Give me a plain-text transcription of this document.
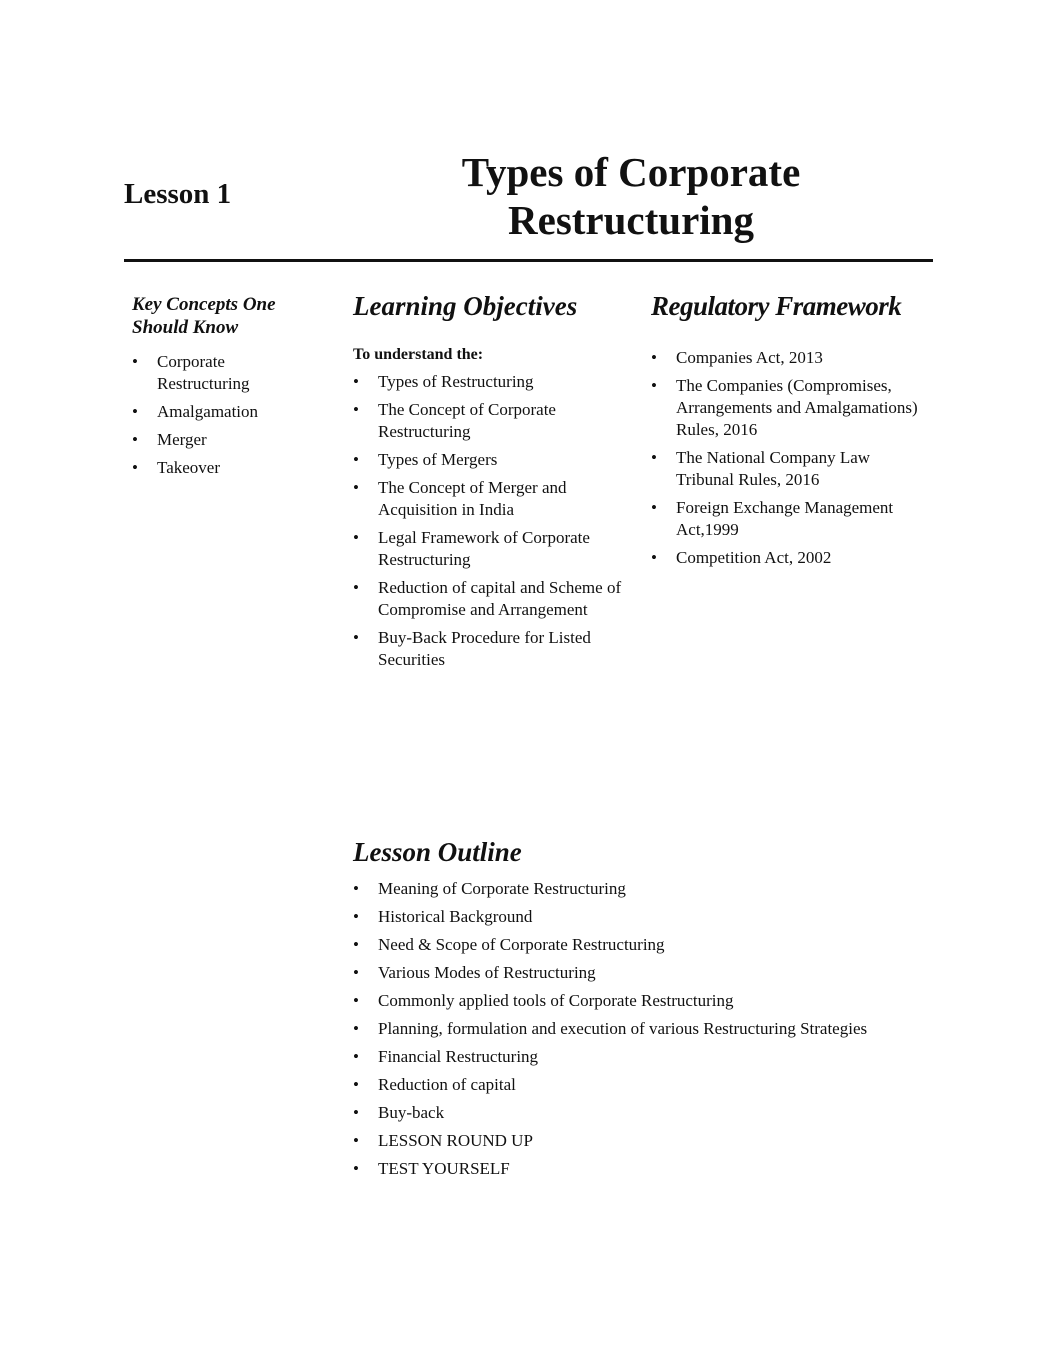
Lesson 1	Types of Corporate
Restructuring
Key Concepts One
Should Know
• Corporate Restructuring
• Amalgamation
• Merger
• Takeover
Learning Objectives

To understand the:

• Types of Restructuring
• The Concept of Corporate Restructuring
• Types of Mergers
• The Concept of Merger and Acquisition in India
• Legal Framework of Corporate Restructuring
• Reduction of capital and Scheme of Compromise and Arrangement
• Buy-Back Procedure for Listed Securities
Regulatory Framework
• Companies Act, 2013
• The Companies (Compromises, Arrangements and Amalgamations) Rules, 2016
• The National Company Law Tribunal Rules, 2016
• Foreign Exchange Management Act,1999
• Competition Act, 2002
Lesson Outline
• Meaning of Corporate Restructuring
• Historical Background
• Need & Scope of Corporate Restructuring
• Various Modes of Restructuring
• Commonly applied tools of Corporate Restructuring
• Planning, formulation and execution of various Restructuring Strategies
• Financial Restructuring
• Reduction of capital
• Buy-back
• LESSON ROUND UP
• TEST YOURSELF
